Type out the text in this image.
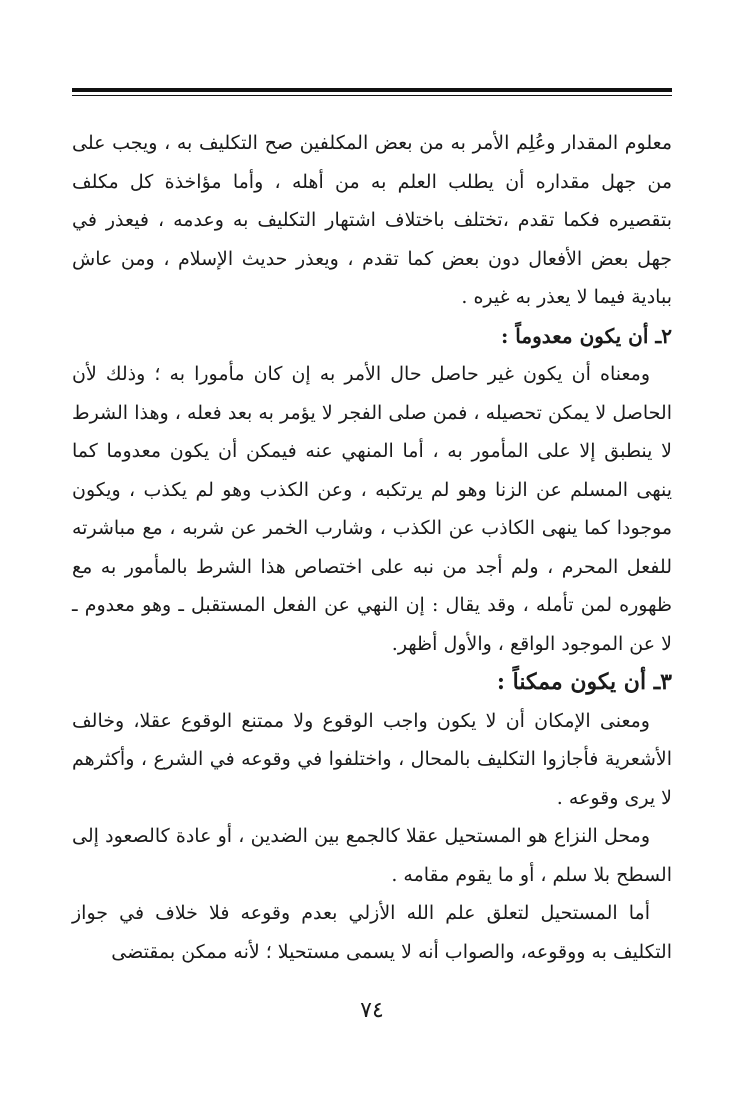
معلوم المقدار وعُلِم الأمر به من بعض المكلفين صح التكليف به ، ويجب على من جهل مقداره أن يطلب العلم به من أهله ، وأما مؤاخذة كل مكلف بتقصيره فكما تقدم ،تختلف باختلاف اشتهار التكليف به وعدمه ، فيعذر في جهل بعض الأفعال دون بعض كما تقدم ، ويعذر حديث الإسلام ، ومن عاش ببادية فيما لا يعذر به غيره .

٢ـ أن يكون معدوماً :

ومعناه أن يكون غير حاصل حال الأمر به إن كان مأمورا به ؛ وذلك لأن الحاصل لا يمكن تحصيله ، فمن صلى الفجر لا يؤمر به بعد فعله ، وهذا الشرط لا ينطبق إلا على المأمور به ، أما المنهي عنه فيمكن أن يكون معدوما كما ينهى المسلم عن الزنا وهو لم يرتكبه ، وعن الكذب وهو لم يكذب ، ويكون موجودا كما ينهى الكاذب عن الكذب ، وشارب الخمر عن شربه ، مع مباشرته للفعل المحرم ، ولم أجد من نبه على اختصاص هذا الشرط بالمأمور به مع ظهوره لمن تأمله ، وقد يقال : إن النهي عن الفعل المستقبل ـ وهو معدوم ـ لا عن الموجود الواقع ، والأول أظهر.

٣ـ أن يكون ممكناً :

ومعنى الإمكان أن لا يكون واجب الوقوع ولا ممتنع الوقوع عقلا، وخالف الأشعرية فأجازوا التكليف بالمحال ، واختلفوا في وقوعه في الشرع ، وأكثرهم لا يرى وقوعه .

ومحل النزاع هو المستحيل عقلا كالجمع بين الضدين ، أو عادة كالصعود إلى السطح بلا سلم ، أو ما يقوم مقامه .

أما المستحيل لتعلق علم الله الأزلي بعدم وقوعه فلا خلاف في جواز التكليف به ووقوعه، والصواب أنه لا يسمى مستحيلا ؛ لأنه ممكن بمقتضى

٧٤
